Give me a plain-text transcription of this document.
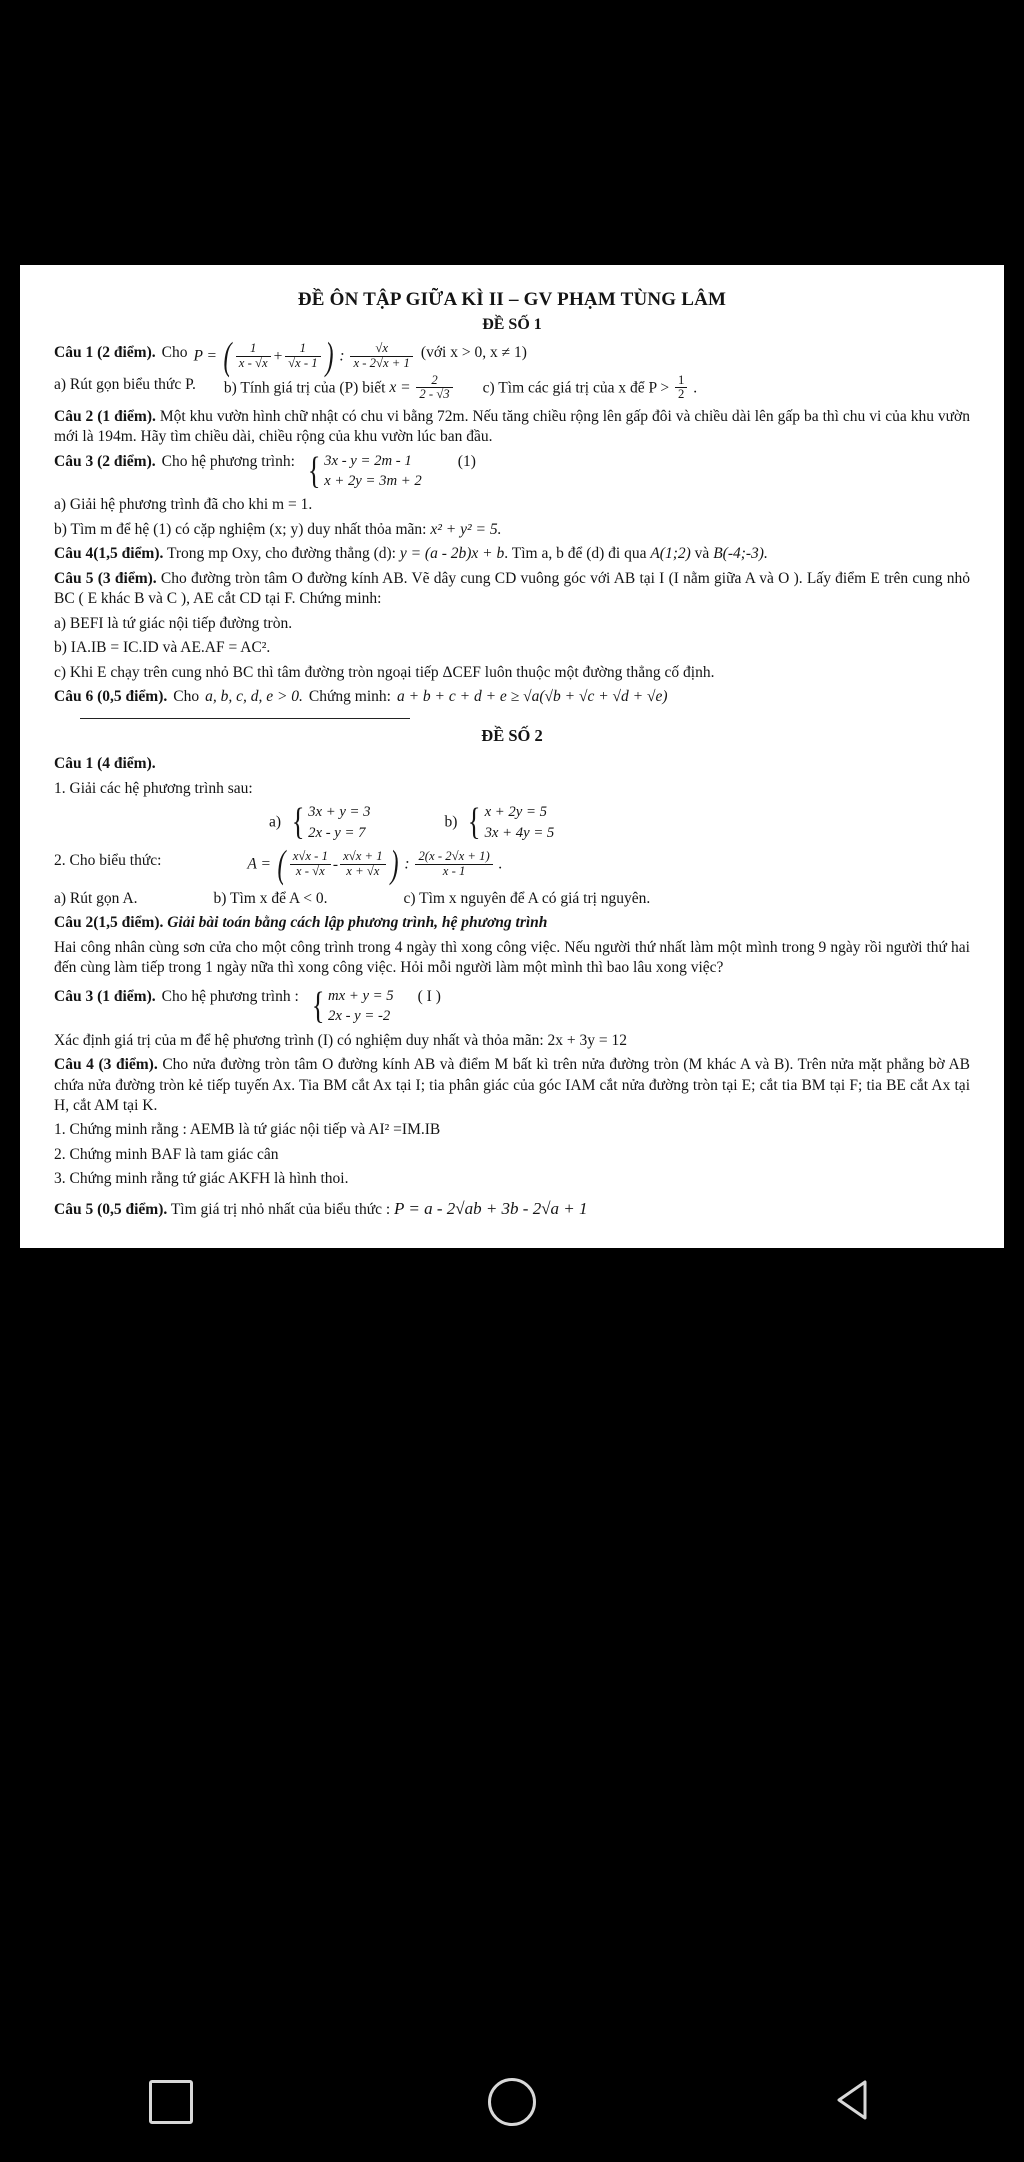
ĐỀ ÔN TẬP GIỮA KÌ II – GV PHẠM TÙNG LÂM
ĐỀ SỐ 1
Câu 1 (2 điểm). Cho P = ( $\frac{1}{x - √x} + \frac{1}{√x - 1}$ ) : $\frac{√x}{x - 2√x + 1}$ (với x > 0, x ≠ 1)
a) Rút gọn biểu thức P. b) Tính giá trị của (P) biết $x = \frac{2}{2 - √3} c$) Tìm các giá trị của x để $P > \frac{1}{2}$ .
Câu 2 (1 điểm). Một khu vườn hình chữ nhật có chu vi bằng 72m. Nếu tăng chiều rộng lên gấp đôi và chiều dài lên gấp ba thì chu vi của khu vườn mới là 194m. Hãy tìm chiều dài, chiều rộng của khu vườn lúc ban đầu.
Câu 3 (2 điểm). Cho hệ phương trình: { 3x - y = 2m - 1
x + 2y = 3m + 2
(1)
a) Giải hệ phương trình đã cho khi m = 1.
b) Tìm m để hệ (1) có cặp nghiệm (x; y) duy nhất thỏa mãn: x² + y² = 5.
Câu 4(1,5 điểm). Trong mp Oxy, cho đường thẳng (d): y = (a - 2b)x + b. Tìm a, b để (d) đi qua A(1;2) và B(-4;-3).
Câu 5 (3 điểm). Cho đường tròn tâm O đường kính AB. Vẽ dây cung CD vuông góc với AB tại I (I nằm giữa A và O ). Lấy điểm E trên cung nhỏ BC ( E khác B và C ), AE cắt CD tại F. Chứng minh:
a) BEFI là tứ giác nội tiếp đường tròn.
b) IA.IB = IC.ID và AE.AF = AC².
c) Khi E chạy trên cung nhỏ BC thì tâm đường tròn ngoại tiếp ΔCEF luôn thuộc một đường thẳng cố định.
Câu 6 (0,5 điểm). Cho a, b, c, d, e > 0. Chứng minh: a + b + c + d + e ≥ √a(√b + √c + √d + √e)
ĐỀ SỐ 2
Câu 1 (4 điểm).
1. Giải các hệ phương trình sau:
a) { 3x + y = 3
2x - y = 7
b) { x + 2y = 5
3x + 4y = 5
2. Cho biểu thức:	A = ( $\frac{x√x - 1}{x - √x} - \frac{x√x + 1}{x + √x}$ ) : $\frac{2(x - 2√x + 1)}{x - 1}$ .
a) Rút gọn A.	b) Tìm x để A < 0.	c) Tìm x nguyên để A có giá trị nguyên.
Câu 2(1,5 điểm). Giải bài toán bằng cách lập phương trình, hệ phương trình
Hai công nhân cùng sơn cửa cho một công trình trong 4 ngày thì xong công việc. Nếu người thứ nhất làm một mình trong 9 ngày rồi người thứ hai đến cùng làm tiếp trong 1 ngày nữa thì xong công việc. Hỏi mỗi người làm một mình thì bao lâu xong việc?
Câu 3 (1 điểm). Cho hệ phương trình : { mx + y = 5
2x - y = -2
( I )
Xác định giá trị của m để hệ phương trình (I) có nghiệm duy nhất và thỏa mãn: 2x + 3y = 12
Câu 4 (3 điểm). Cho nửa đường tròn tâm O đường kính AB và điểm M bất kì trên nửa đường tròn (M khác A và B). Trên nửa mặt phẳng bờ AB chứa nửa đường tròn kẻ tiếp tuyến Ax. Tia BM cắt Ax tại I; tia phân giác của góc IAM cắt nửa đường tròn tại E; cắt tia BM tại F; tia BE cắt Ax tại H, cắt AM tại K.
1. Chứng minh rằng : AEMB là tứ giác nội tiếp và AI² =IM.IB
2. Chứng minh BAF là tam giác cân
3. Chứng minh rằng tứ giác AKFH là hình thoi.
Câu 5 (0,5 điểm). Tìm giá trị nhỏ nhất của biểu thức : P = a - 2√ab + 3b - 2√a + 1
